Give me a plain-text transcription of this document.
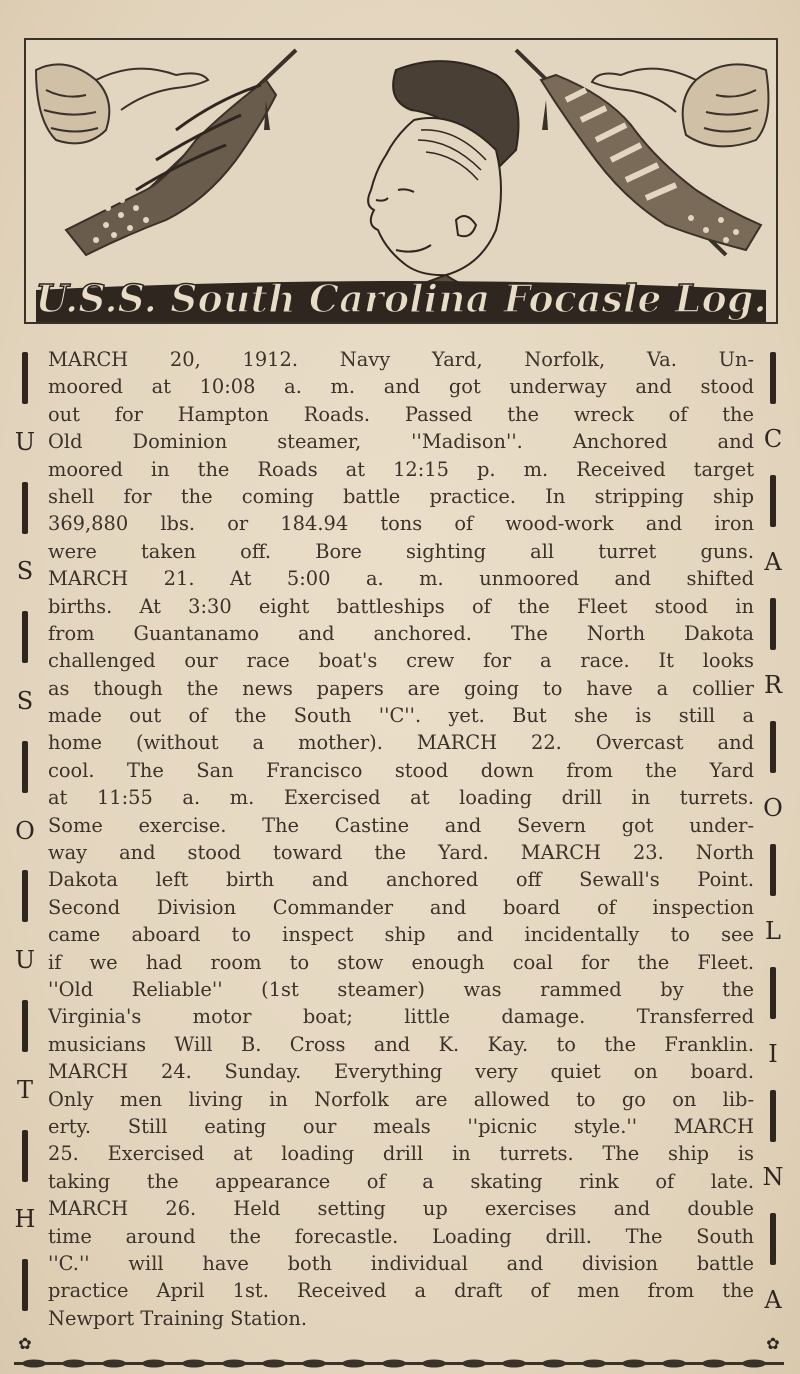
U.S.S. South Carolina Focasle Log.
U
S
S
O
U
T
H
✿
C
A
R
O
L
I
N
A
✿
MARCH 20, 1912. Navy Yard, Norfolk, Va. Un-
moored at 10:08 a. m. and got underway and stood
out for Hampton Roads. Passed the wreck of the
Old Dominion steamer, ''Madison''. Anchored and
moored in the Roads at 12:15 p. m. Received target
shell for the coming battle practice. In stripping ship
369,880 lbs. or 184.94 tons of wood-work and iron
were taken off. Bore sighting all turret guns.
MARCH 21. At 5:00 a. m. unmoored and shifted
births. At 3:30 eight battleships of the Fleet stood in
from Guantanamo and anchored. The North Dakota
challenged our race boat's crew for a race. It looks
as though the news papers are going to have a collier
made out of the South ''C''. yet. But she is still a
home (without a mother). MARCH 22. Overcast and
cool. The San Francisco stood down from the Yard
at 11:55 a. m. Exercised at loading drill in turrets.
Some exercise. The Castine and Severn got under-
way and stood toward the Yard. MARCH 23. North
Dakota left birth and anchored off Sewall's Point.
Second Division Commander and board of inspection
came aboard to inspect ship and incidentally to see
if we had room to stow enough coal for the Fleet.
''Old Reliable'' (1st steamer) was rammed by the
Virginia's motor boat; little damage. Transferred
musicians Will B. Cross and K. Kay. to the Franklin.
MARCH 24. Sunday. Everything very quiet on board.
Only men living in Norfolk are allowed to go on lib-
erty. Still eating our meals ''picnic style.'' MARCH
25. Exercised at loading drill in turrets. The ship is
taking the appearance of a skating rink of late.
MARCH 26. Held setting up exercises and double
time around the forecastle. Loading drill. The South
''C.'' will have both individual and division battle
practice April 1st. Received a draft of men from the
Newport Training Station.
